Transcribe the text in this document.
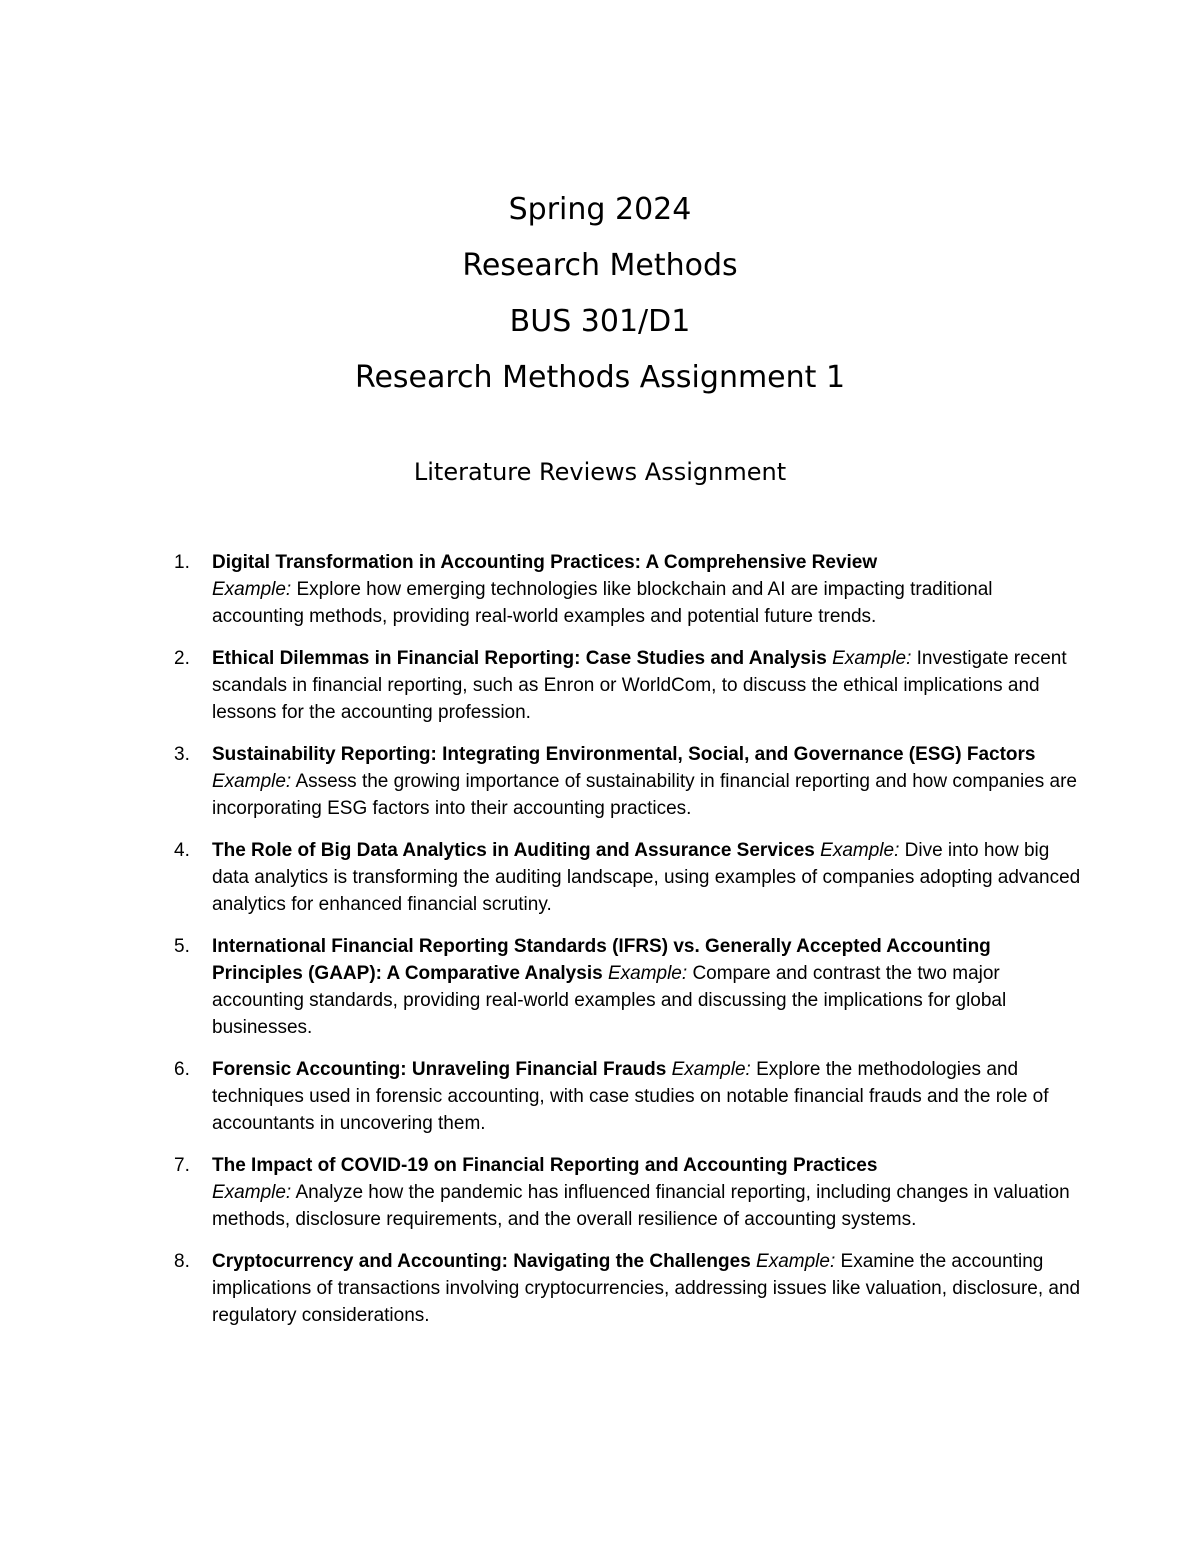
Spring 2024
Research Methods
BUS 301/D1
Research Methods Assignment 1
Literature Reviews Assignment
1.	Digital Transformation in Accounting Practices: A Comprehensive Review
Example: Explore how emerging technologies like blockchain and AI are impacting traditional accounting methods, providing real-world examples and potential future trends.
2.	Ethical Dilemmas in Financial Reporting: Case Studies and Analysis Example: Investigate recent scandals in financial reporting, such as Enron or WorldCom, to discuss the ethical implications and lessons for the accounting profession.
3.	Sustainability Reporting: Integrating Environmental, Social, and Governance (ESG) Factors Example: Assess the growing importance of sustainability in financial reporting and how companies are incorporating ESG factors into their accounting practices.
4.	The Role of Big Data Analytics in Auditing and Assurance Services Example: Dive into how big data analytics is transforming the auditing landscape, using examples of companies adopting advanced analytics for enhanced financial scrutiny.
5.	International Financial Reporting Standards (IFRS) vs. Generally Accepted Accounting Principles (GAAP): A Comparative Analysis Example: Compare and contrast the two major accounting standards, providing real-world examples and discussing the implications for global businesses.
6.	Forensic Accounting: Unraveling Financial Frauds Example: Explore the methodologies and techniques used in forensic accounting, with case studies on notable financial frauds and the role of accountants in uncovering them.
7.	The Impact of COVID-19 on Financial Reporting and Accounting Practices
Example: Analyze how the pandemic has influenced financial reporting, including changes in valuation methods, disclosure requirements, and the overall resilience of accounting systems.
8.	Cryptocurrency and Accounting: Navigating the Challenges Example: Examine the accounting implications of transactions involving cryptocurrencies, addressing issues like valuation, disclosure, and regulatory considerations.
